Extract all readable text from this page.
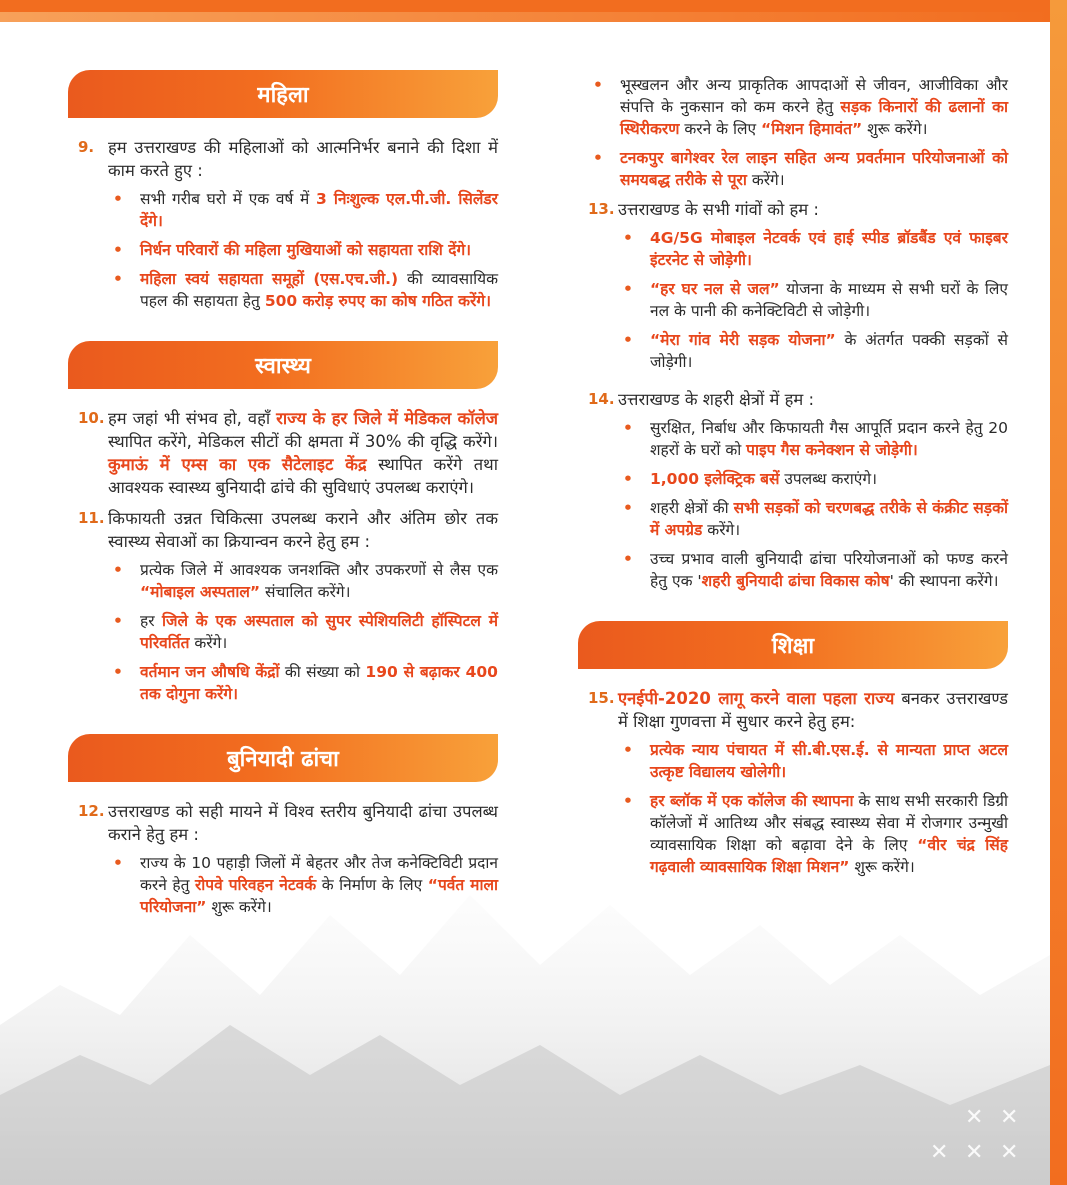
✕ ✕
✕ ✕ ✕
महिला
9. हम उत्तराखण्ड की महिलाओं को आत्मनिर्भर बनाने की दिशा में काम करते हुए :
•	सभी गरीब घरो में एक वर्ष में 3 निःशुल्क एल.पी.जी. सिलेंडर देंगे।
•	निर्धन परिवारों की महिला मुखियाओं को सहायता राशि देंगे।
•	महिला स्वयं सहायता समूहों (एस.एच.जी.) की व्यावसायिक पहल की सहायता हेतु 500 करोड़ रुपए का कोष गठित करेंगे।
स्वास्थ्य
10. हम जहां भी संभव हो, वहाँ राज्य के हर जिले में मेडिकल कॉलेज स्थापित करेंगे, मेडिकल सीटों की क्षमता में 30% की वृद्धि करेंगे। कुमाऊं में एम्स का एक सैटेलाइट केंद्र स्थापित करेंगे तथा आवश्यक स्वास्थ्य बुनियादी ढांचे की सुविधाएं उपलब्ध कराएंगे।
11. किफायती उन्नत चिकित्सा उपलब्ध कराने और अंतिम छोर तक स्वास्थ्य सेवाओं का क्रियान्वन करने हेतु हम :
•	प्रत्येक जिले में आवश्यक जनशक्ति और उपकरणों से लैस एक “मोबाइल अस्पताल” संचालित करेंगे।
•	हर जिले के एक अस्पताल को सुपर स्पेशियलिटी हॉस्पिटल में परिवर्तित करेंगे।
•	वर्तमान जन औषधि केंद्रों की संख्या को 190 से बढ़ाकर 400 तक दोगुना करेंगे।
बुनियादी ढांचा
12. उत्तराखण्ड को सही मायने में विश्व स्तरीय बुनियादी ढांचा उपलब्ध कराने हेतु हम :
•	राज्य के 10 पहाड़ी जिलों में बेहतर और तेज कनेक्टिविटी प्रदान करने हेतु रोपवे परिवहन नेटवर्क के निर्माण के लिए “पर्वत माला परियोजना” शुरू करेंगे।
•	भूस्खलन और अन्य प्राकृतिक आपदाओं से जीवन, आजीविका और संपत्ति के नुकसान को कम करने हेतु सड़क किनारों की ढलानों का स्थिरीकरण करने के लिए “मिशन हिमावंत” शुरू करेंगे।
•	टनकपुर बागेश्वर रेल लाइन सहित अन्य प्रवर्तमान परियोजनाओं को समयबद्ध तरीके से पूरा करेंगे।
13. उत्तराखण्ड के सभी गांवों को हम :
•	4G/5G मोबाइल नेटवर्क एवं हाई स्पीड ब्रॉडबैंड एवं फाइबर इंटरनेट से जोड़ेगी।
•	“हर घर नल से जल” योजना के माध्यम से सभी घरों के लिए नल के पानी की कनेक्टिविटी से जोड़ेगी।
•	“मेरा गांव मेरी सड़क योजना” के अंतर्गत पक्की सड़कों से जोड़ेगी।
14. उत्तराखण्ड के शहरी क्षेत्रों में हम :
•	सुरक्षित, निर्बाध और किफायती गैस आपूर्ति प्रदान करने हेतु 20 शहरों के घरों को पाइप गैस कनेक्शन से जोड़ेगी।
•	1,000 इलेक्ट्रिक बसें उपलब्ध कराएंगे।
•	शहरी क्षेत्रों की सभी सड़कों को चरणबद्ध तरीके से कंक्रीट सड़कों में अपग्रेड करेंगे।
•	उच्च प्रभाव वाली बुनियादी ढांचा परियोजनाओं को फण्ड करने हेतु एक 'शहरी बुनियादी ढांचा विकास कोष' की स्थापना करेंगे।
शिक्षा
15. एनईपी-2020 लागू करने वाला पहला राज्य बनकर उत्तराखण्ड में शिक्षा गुणवत्ता में सुधार करने हेतु हम:
•	प्रत्येक न्याय पंचायत में सी.बी.एस.ई. से मान्यता प्राप्त अटल उत्कृष्ट विद्यालय खोलेगी।
•	हर ब्लॉक में एक कॉलेज की स्थापना के साथ सभी सरकारी डिग्री कॉलेजों में आतिथ्य और संबद्ध स्वास्थ्य सेवा में रोजगार उन्मुखी व्यावसायिक शिक्षा को बढ़ावा देने के लिए “वीर चंद्र सिंह गढ़वाली व्यावसायिक शिक्षा मिशन” शुरू करेंगे।
